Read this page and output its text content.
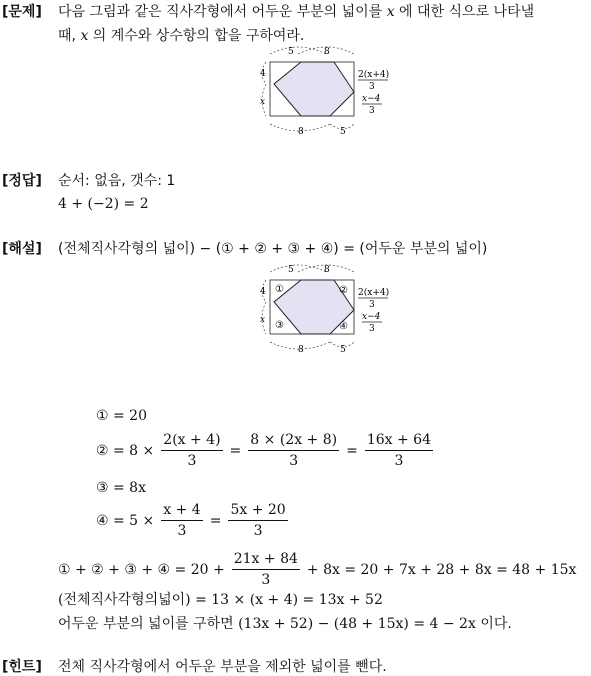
[문제] 다음 그림과 같은 직사각형에서 어두운 부분의 넓이를 x 에 대한 식으로 나타낼
때, x 의 계수와 상수항의 합을 구하여라.
5	8
4
x
2(x+4)
3
x−4
3
8	5
[정답] 순서: 없음, 갯수: 1
4 + (−2) = 2
[해설] (전체직사각형의 넓이) − (① + ② + ③ + ④) = (어두운 부분의 넓이)
5	8
4
x
2(x+4)
3
x−4
3
8	5
①	②
③	④
① = 20
② = $8 \times \frac{2(x + 4)}{3} = \frac{8 \times (2x + 8)}{3} = \frac{16x + 64}{3}$
③ = 8x
④ = $5 \times \frac{x + 4}{3} = \frac{5x + 20}{3}$
① + ② + ③ + ④ = $20 + \frac{21x + 84}{3} + 8x = 20 + 7x + 28 + 8x = 48 + 15x$
(전체직사각형의넓이) = 13 × (x + 4) = 13x + 52
어두운 부분의 넓이를 구하면 (13x + 52) − (48 + 15x) = 4 − 2x 이다.
[힌트] 전체 직사각형에서 어두운 부분을 제외한 넓이를 뺀다.
